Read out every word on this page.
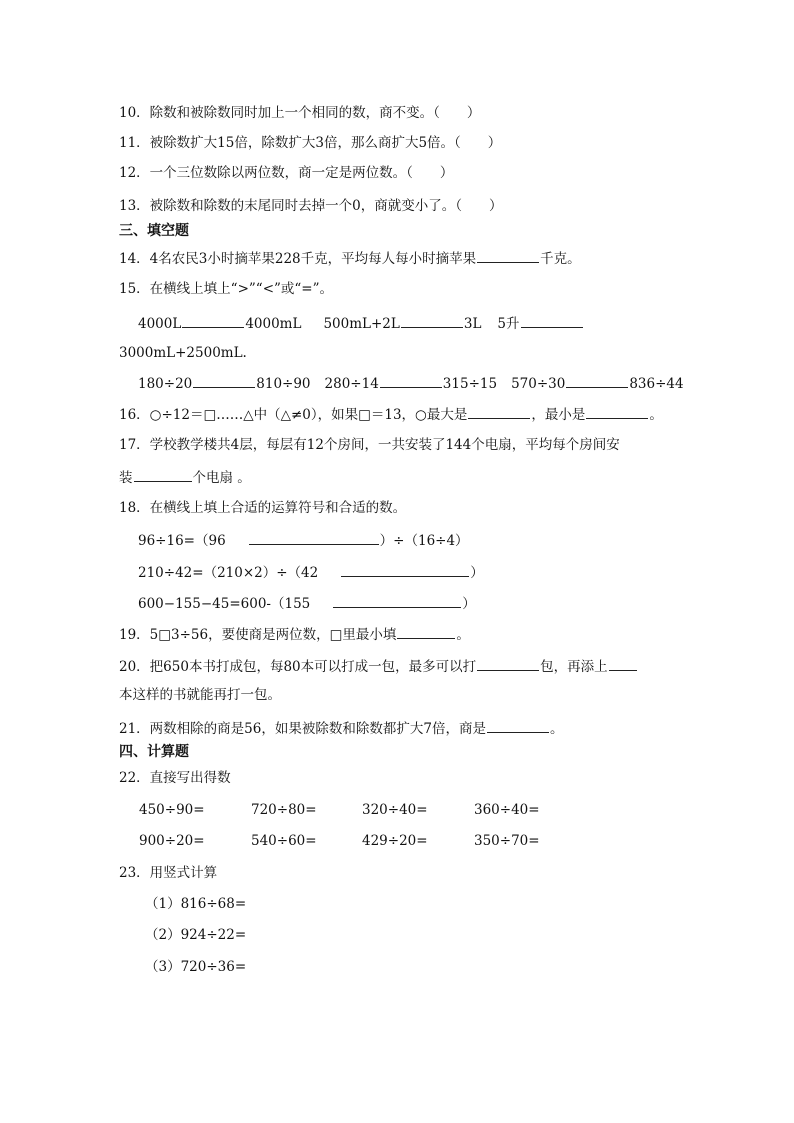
10．除数和被除数同时加上一个相同的数，商不变。（　　）
11．被除数扩大15倍，除数扩大3倍，那么商扩大5倍。（　　）
12．一个三位数除以两位数，商一定是两位数。（　　）
13．被除数和除数的末尾同时去掉一个0，商就变小了。（　　）
三、填空题
14．4名农民3小时摘苹果228千克，平均每人每小时摘苹果	千克。
15．在横线上填上“>”“<”或“=”。
4000L	4000mL 500mL+2L	3L 5升
3000mL+2500mL.
180÷20	810÷90 280÷14	315÷15 570÷30	836÷44
16．○÷12＝□……△中（△≠0），如果□＝13，○最大是	，最小是	。
17．学校教学楼共4层，每层有12个房间，一共安装了144个电扇，平均每个房间安
装	个电扇 。
18．在横线上填上合适的运算符号和合适的数。
96÷16=（96	）÷（16÷4）
210÷42=（210×2）÷（42	）
600−155−45=600-（155	）
19．5□3÷56，要使商是两位数，□里最小填	。
20．把650本书打成包，每80本可以打成一包，最多可以打	包，再添上
本这样的书就能再打一包。
21．两数相除的商是56，如果被除数和除数都扩大7倍，商是	。
四、计算题
22．直接写出得数
450÷90=	720÷80=	320÷40=	360÷40=
900÷20=	540÷60=	429÷20=	350÷70=
23．用竖式计算
（1）816÷68=
（2）924÷22=
（3）720÷36=
